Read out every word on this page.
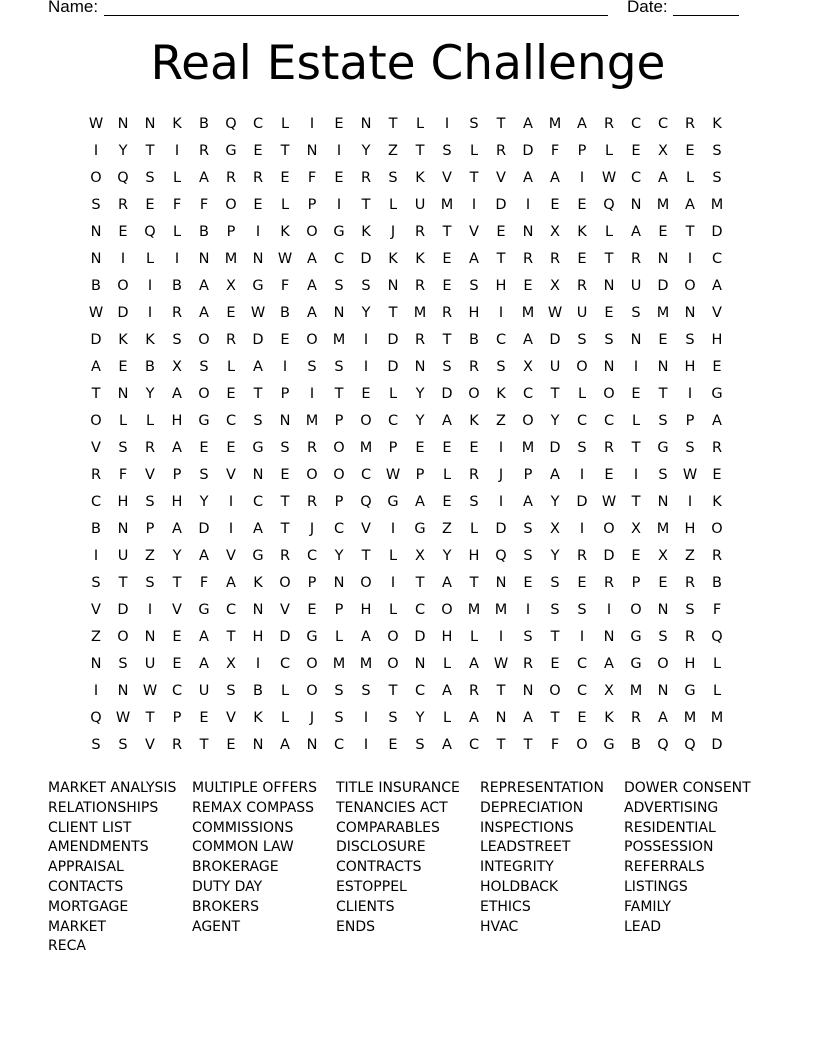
Name:	Date:
Real Estate Challenge
W N	N	K	B	Q	C	L	I	E	N	T	L	I	S	T	A	M	A	R	C	C	R	K
I	Y	T	I	R	G	E	T	N	I	Y	Z	T	S	L	R	D	F	P	L	E	X	E	S
O	Q	S	L	A	R	R	E	F	E	R	S	K	V	T	V	A	A	I	W	C	A	L	S
S	R	E	F	F	O	E	L	P	I	T	L	U	M	I	D	I	E	E	Q	N	M	A	M
N	E	Q	L	B	P	I	K	O	G	K	J	R	T	V	E	N	X	K	L	A	E	T	D
N	I	L	I	N	M	N W	A	C	D	K	K	E	A	T	R	R	E	T	R	N	I	C
B	O	I	B	A	X	G	F	A	S	S	N	R	E	S	H	E	X	R	N	U	D	O	A
W D	I	R	A	E	W	B	A	N	Y	T	M	R	H	I	M W	U	E	S	M	N	V
D	K	K	S	O	R	D	E	O	M	I	D	R	T	B	C	A	D	S	S	N	E	S	H
A	E	B	X	S	L	A	I	S	S	I	D	N	S	R	S	X	U	O	N	I	N	H	E
T	N	Y	A	O	E	T	P	I	T	E	L	Y	D	O	K	C	T	L	O	E	T	I	G
O	L	L	H	G	C	S	N	M	P	O	C	Y	A	K	Z	O	Y	C	C	L	S	P	A
V	S	R	A	E	E	G	S	R	O	M	P	E	E	E	I	M	D	S	R	T	G	S	R
R	F	V	P	S	V	N	E	O	O	C	W	P	L	R	J	P	A	I	E	I	S	W	E
C	H	S	H	Y	I	C	T	R	P	Q	G	A	E	S	I	A	Y	D W	T	N	I	K
B	N	P	A	D	I	A	T	J	C	V	I	G	Z	L	D	S	X	I	O	X	M	H	O
I	U	Z	Y	A	V	G	R	C	Y	T	L	X	Y	H	Q	S	Y	R	D	E	X	Z	R
S	T	S	T	F	A	K	O	P	N	O	I	T	A	T	N	E	S	E	R	P	E	R	B
V	D	I	V	G	C	N	V	E	P	H	L	C	O	M M	I	S	S	I	O	N	S	F
Z	O	N	E	A	T	H	D	G	L	A	O	D	H	L	I	S	T	I	N	G	S	R	Q
N	S	U	E	A	X	I	C	O	M M	O	N	L	A	W	R	E	C	A	G	O	H	L
I	N W	C	U	S	B	L	O	S	S	T	C	A	R	T	N	O	C	X	M	N	G	L
Q W	T	P	E	V	K	L	J	S	I	S	Y	L	A	N	A	T	E	K	R	A	M M
S	S	V	R	T	E	N	A	N	C	I	E	S	A	C	T	T	F	O	G	B	Q	Q	D
MARKET ANALYSIS
RELATIONSHIPS
CLIENT LIST
AMENDMENTS
APPRAISAL
CONTACTS
MORTGAGE
MARKET
RECA
MULTIPLE OFFERS
REMAX COMPASS
COMMISSIONS
COMMON LAW
BROKERAGE
DUTY DAY
BROKERS
AGENT
TITLE INSURANCE
TENANCIES ACT
COMPARABLES
DISCLOSURE
CONTRACTS
ESTOPPEL
CLIENTS
ENDS
REPRESENTATION
DEPRECIATION
INSPECTIONS
LEADSTREET
INTEGRITY
HOLDBACK
ETHICS
HVAC
DOWER CONSENT
ADVERTISING
RESIDENTIAL
POSSESSION
REFERRALS
LISTINGS
FAMILY
LEAD
